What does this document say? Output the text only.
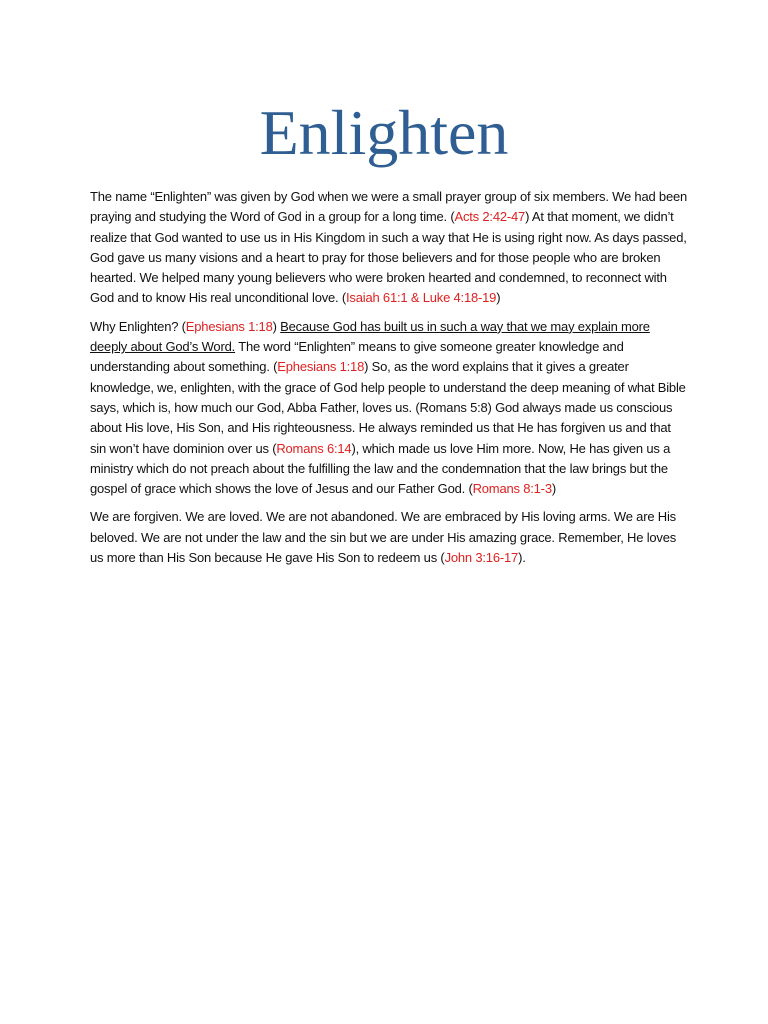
Enlighten

The name “Enlighten” was given by God when we were a small prayer group of six members. We had been praying and studying the Word of God in a group for a long time. (Acts 2:42-47) At that moment, we didn’t realize that God wanted to use us in His Kingdom in such a way that He is using right now. As days passed, God gave us many visions and a heart to pray for those believers and for those people who are broken hearted. We helped many young believers who were broken hearted and condemned, to reconnect with God and to know His real unconditional love. (Isaiah 61:1 & Luke 4:18-19)

Why Enlighten? (Ephesians 1:18) Because God has built us in such a way that we may explain more deeply about God’s Word. The word “Enlighten” means to give someone greater knowledge and understanding about something. (Ephesians 1:18) So, as the word explains that it gives a greater knowledge, we, enlighten, with the grace of God help people to understand the deep meaning of what Bible says, which is, how much our God, Abba Father, loves us. (Romans 5:8) God always made us conscious about His love, His Son, and His righteousness. He always reminded us that He has forgiven us and that sin won’t have dominion over us (Romans 6:14), which made us love Him more. Now, He has given us a ministry which do not preach about the fulfilling the law and the condemnation that the law brings but the gospel of grace which shows the love of Jesus and our Father God. (Romans 8:1-3)

We are forgiven. We are loved. We are not abandoned. We are embraced by His loving arms. We are His beloved. We are not under the law and the sin but we are under His amazing grace. Remember, He loves us more than His Son because He gave His Son to redeem us (John 3:16-17).
